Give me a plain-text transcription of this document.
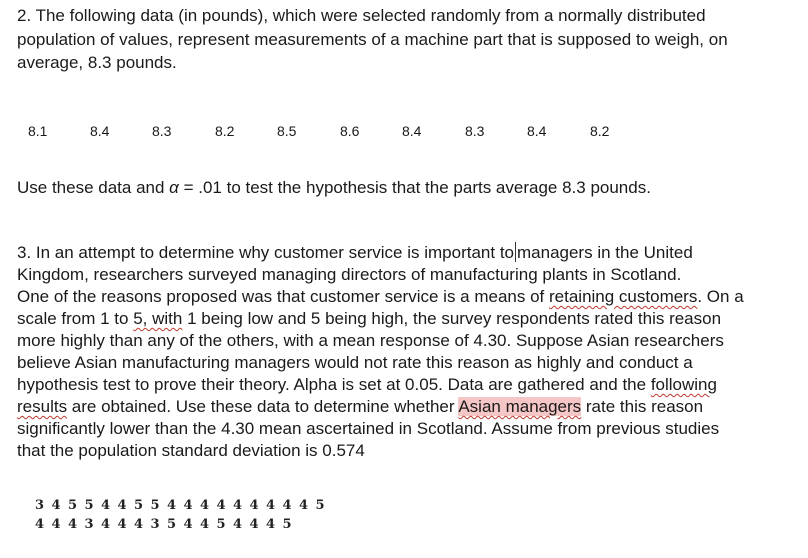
2. The following data (in pounds), which were selected randomly from a normally distributed
population of values, represent measurements of a machine part that is supposed to weigh, on
average, 8.3 pounds.
8.1	8.4	8.3	8.2	8.5	8.6	8.4	8.3	8.4	8.2
Use these data and α = .01 to test the hypothesis that the parts average 8.3 pounds.
3. In an attempt to determine why customer service is important to managers in the United
Kingdom, researchers surveyed managing directors of manufacturing plants in Scotland.
One of the reasons proposed was that customer service is a means of retaining customers. On a
scale from 1 to 5, with 1 being low and 5 being high, the survey respondents rated this reason
more highly than any of the others, with a mean response of 4.30. Suppose Asian researchers
believe Asian manufacturing managers would not rate this reason as highly and conduct a
hypothesis test to prove their theory. Alpha is set at 0.05. Data are gathered and the following
results are obtained. Use these data to determine whether Asian managers rate this reason
significantly lower than the 4.30 mean ascertained in Scotland. Assume from previous studies
that the population standard deviation is 0.574
3 4 5 5 4 4 5 5 4 4 4 4 4 4 4 4 4 5
4 4 4 3 4 4 4 3 5 4 4 5 4 4 4 5
